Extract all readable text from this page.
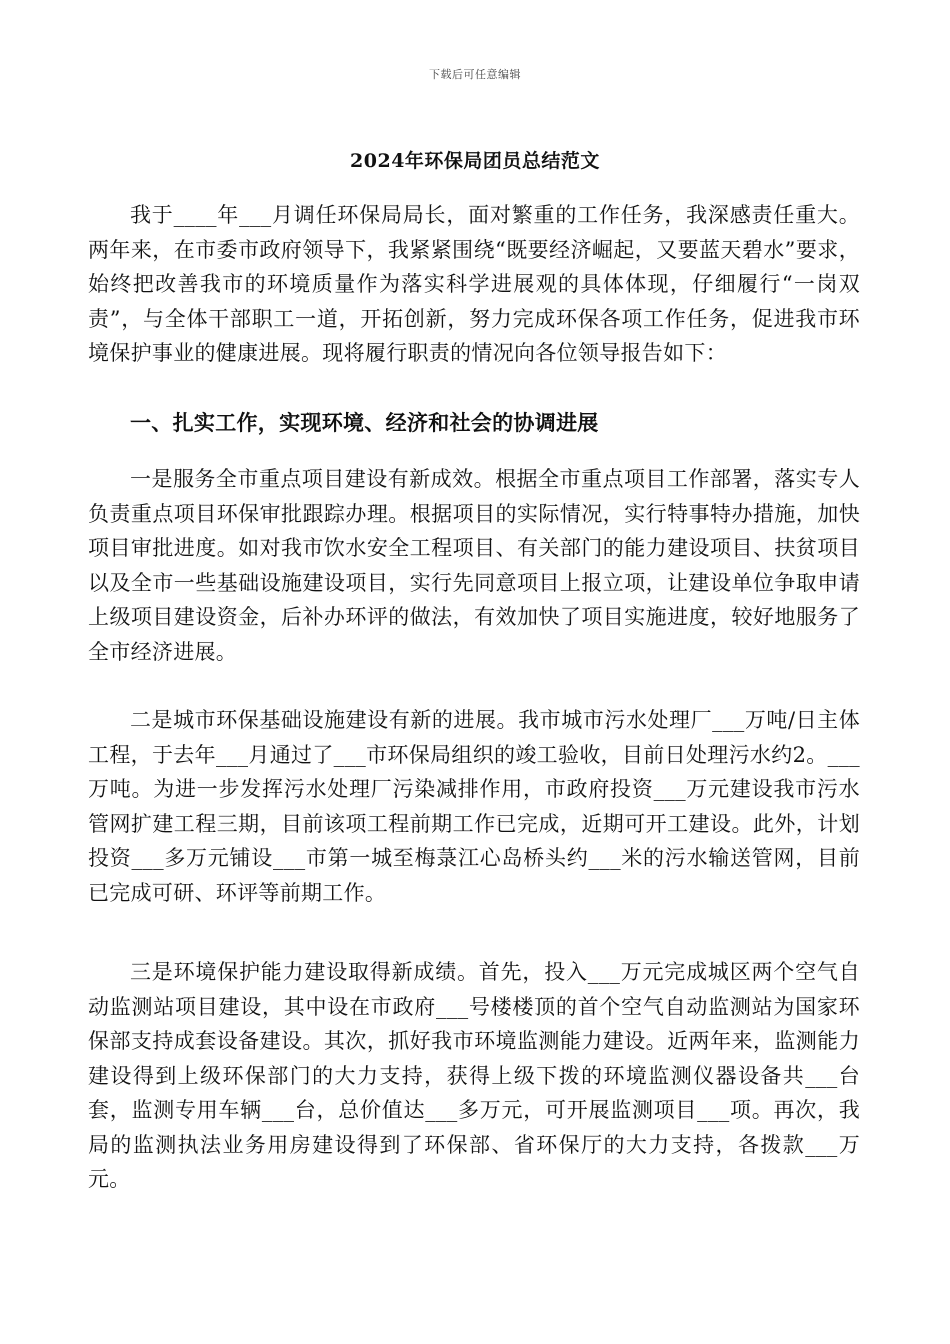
下载后可任意编辑
2024年环保局团员总结范文

我于____年___月调任环保局局长，面对繁重的工作任务，我深感责任重大。两年来，在市委市政府领导下，我紧紧围绕“既要经济崛起，又要蓝天碧水”要求，始终把改善我市的环境质量作为落实科学进展观的具体体现，仔细履行“一岗双责”，与全体干部职工一道，开拓创新，努力完成环保各项工作任务，促进我市环境保护事业的健康进展。现将履行职责的情况向各位领导报告如下：

一、扎实工作，实现环境、经济和社会的协调进展

一是服务全市重点项目建设有新成效。根据全市重点项目工作部署，落实专人负责重点项目环保审批跟踪办理。根据项目的实际情况，实行特事特办措施，加快项目审批进度。如对我市饮水安全工程项目、有关部门的能力建设项目、扶贫项目以及全市一些基础设施建设项目，实行先同意项目上报立项，让建设单位争取申请上级项目建设资金，后补办环评的做法，有效加快了项目实施进度，较好地服务了全市经济进展。

二是城市环保基础设施建设有新的进展。我市城市污水处理厂___万吨/日主体工程，于去年___月通过了___市环保局组织的竣工验收，目前日处理污水约2。___万吨。为进一步发挥污水处理厂污染减排作用，市政府投资___万元建设我市污水管网扩建工程三期，目前该项工程前期工作已完成，近期可开工建设。此外，计划投资___多万元铺设___市第一城至梅菉江心岛桥头约___米的污水输送管网，目前已完成可研、环评等前期工作。

三是环境保护能力建设取得新成绩。首先，投入___万元完成城区两个空气自动监测站项目建设，其中设在市政府___号楼楼顶的首个空气自动监测站为国家环保部支持成套设备建设。其次，抓好我市环境监测能力建设。近两年来，监测能力建设得到上级环保部门的大力支持，获得上级下拨的环境监测仪器设备共___台套，监测专用车辆___台，总价值达___多万元，可开展监测项目___项。再次，我局的监测执法业务用房建设得到了环保部、省环保厅的大力支持，各拨款___万元。
